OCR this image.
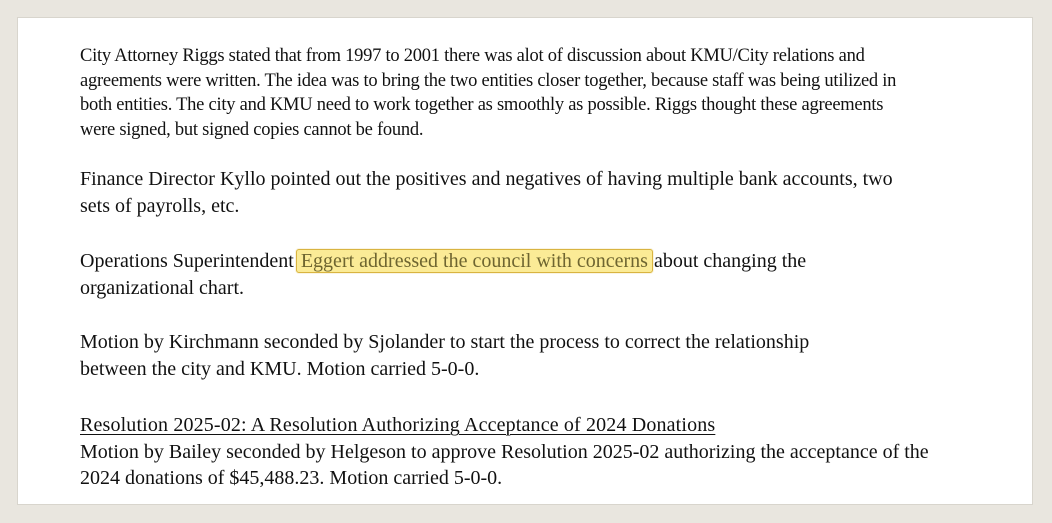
City Attorney Riggs stated that from 1997 to 2001 there was alot of discussion about KMU/City relations and
agreements were written. The idea was to bring the two entities closer together, because staff was being utilized in
both entities. The city and KMU need to work together as smoothly as possible. Riggs thought these agreements
were signed, but signed copies cannot be found.

Finance Director Kyllo pointed out the positives and negatives of having multiple bank accounts, two
sets of payrolls, etc.

Operations Superintendent Eggert addressed the council with concerns about changing the
organizational chart.

Motion by Kirchmann seconded by Sjolander to start the process to correct the relationship
between the city and KMU. Motion carried 5-0-0.

Resolution 2025-02: A Resolution Authorizing Acceptance of 2024 Donations
Motion by Bailey seconded by Helgeson to approve Resolution 2025-02 authorizing the acceptance of the
2024 donations of $45,488.23. Motion carried 5-0-0.
